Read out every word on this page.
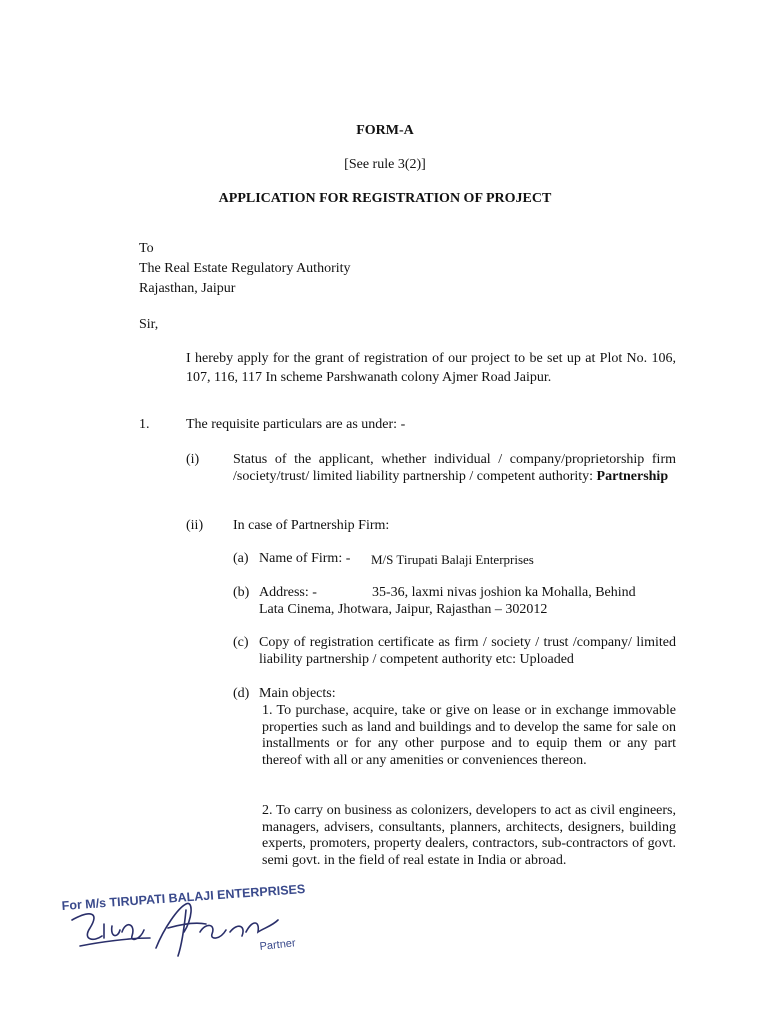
FORM-A
[See rule 3(2)]
APPLICATION FOR REGISTRATION OF PROJECT
To
The Real Estate Regulatory Authority
Rajasthan, Jaipur
Sir,
I hereby apply for the grant of registration of our project to be set up at Plot No. 106, 107, 116, 117 In scheme Parshwanath colony Ajmer Road Jaipur.
1.	The requisite particulars are as under: -
(i) Status of the applicant, whether individual / company/proprietorship firm /society/trust/ limited liability partnership / competent authority: Partnership
(ii) In case of Partnership Firm:
(a) Name of Firm: - M/S Tirupati Balaji Enterprises
(b) Address: -	35-36, laxmi nivas joshion ka Mohalla, Behind
Lata Cinema, Jhotwara, Jaipur, Rajasthan – 302012
(c) Copy of registration certificate as firm / society / trust /company/ limited liability partnership / competent authority etc: Uploaded
(d) Main objects:
1. To purchase, acquire, take or give on lease or in exchange immovable properties such as land and buildings and to develop the same for sale on installments or for any other purpose and to equip them or any part thereof with all or any amenities or conveniences thereon.
2. To carry on business as colonizers, developers to act as civil engineers, managers, advisers, consultants, planners, architects, designers, building experts, promoters, property dealers, contractors, sub-contractors of govt. semi govt. in the field of real estate in India or abroad.
For M/s TIRUPATI BALAJI ENTERPRISES
Partner
